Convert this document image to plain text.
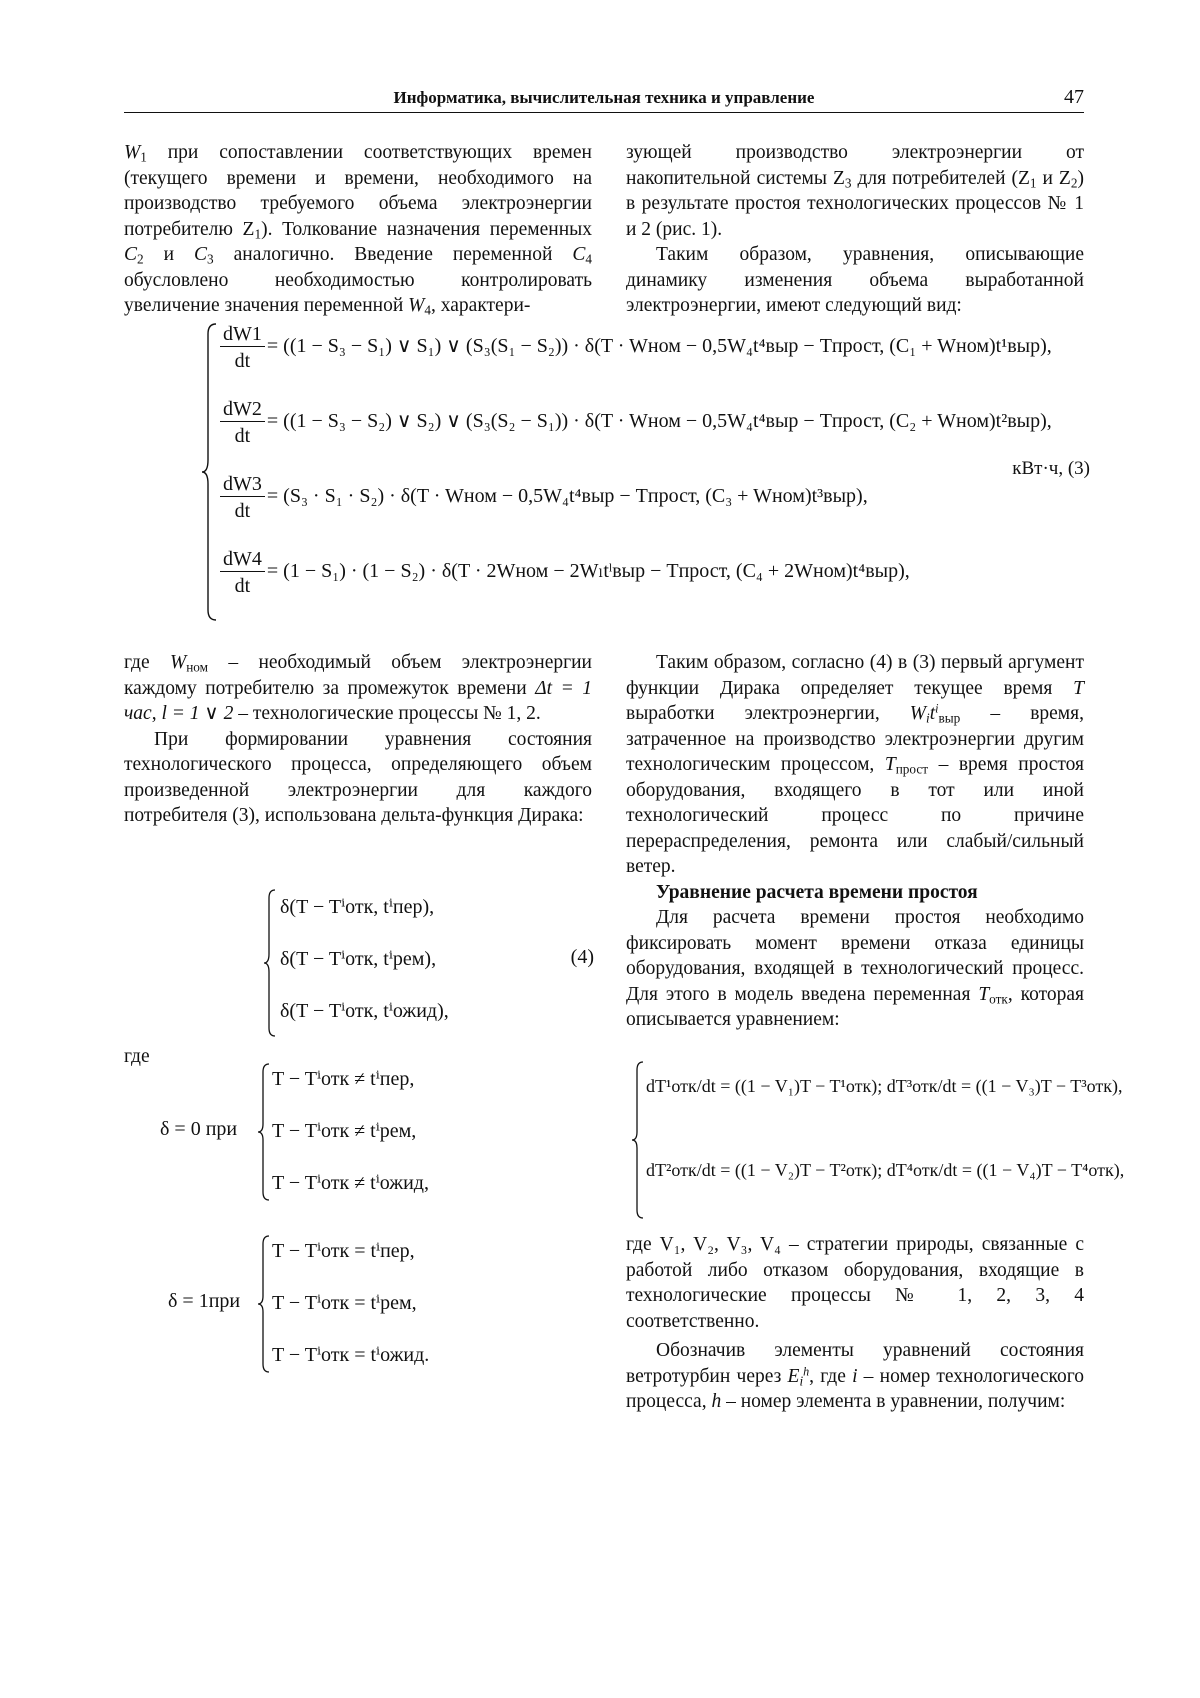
Информатика, вычислительная техника и управление	47

W1 при сопоставлении соответствующих времен (текущего времени и времени, необходимого на производство требуемого объема электроэнергии потребителю Z1). Толкование назначения переменных C2 и C3 аналогично. Введение переменной C4 обусловлено необходимостью контролировать увеличение значения переменной W4, характери-

зующей производство электроэнергии от накопительной системы Z3 для потребителей (Z1 и Z2) в результате простоя технологических процессов № 1 и 2 (рис. 1).

Таким образом, уравнения, описывающие динамику изменения объема выработанной электроэнергии, имеют следующий вид:

dW1
dt
= ((1 − S₃ − S₁) ∨ S₁) ∨ (S₃(S₁ − S₂)) · δ(T · Wном − 0,5W₄t⁴выр − Tпрост, (C₁ + Wном)t¹выр),
dW2
dt
= ((1 − S₃ − S₂) ∨ S₂) ∨ (S₃(S₂ − S₁)) · δ(T · Wном − 0,5W₄t⁴выр − Tпрост, (C₂ + Wном)t²выр),
dW3
dt
= (S₃ · S₁ · S₂) · δ(T · Wном − 0,5W₄t⁴выр − Tпрост, (C₃ + Wном)t³выр),
dW4
dt
= (1 − S₁) · (1 − S₂) · δ(T · 2Wном − 2Wₗtˡвыр − Tпрост, (C₄ + 2Wном)t⁴выр),
кВт·ч, (3)

где Wном – необходимый объем электроэнергии каждому потребителю за промежуток времени Δt = 1 час, l = 1 ∨ 2 – технологические процессы № 1, 2.

При формировании уравнения состояния технологического процесса, определяющего объем произведенной электроэнергии для каждого потребителя (3), использована дельта-функция Дирака:

δ(T − Tⁱотк, tⁱпер),
δ(T − Tⁱотк, tⁱрем),
δ(T − Tⁱотк, tⁱожид),
(4)
где
δ = 0 при
T − Tⁱотк ≠ tⁱпер,
T − Tⁱотк ≠ tⁱрем,
T − Tⁱотк ≠ tⁱожид,
δ = 1при
T − Tⁱотк = tⁱпер,
T − Tⁱотк = tⁱрем,
T − Tⁱотк = tⁱожид.

Таким образом, согласно (4) в (3) первый аргумент функции Дирака определяет текущее время T выработки электроэнергии, Witiвыр – время, затраченное на производство электроэнергии другим технологическим процессом, Tпрост – время простоя оборудования, входящего в тот или иной технологический процесс по причине перераспределения, ремонта или слабый/сильный ветер.

Уравнение расчета времени простоя

Для расчета времени простоя необходимо фиксировать момент времени отказа единицы оборудования, входящей в технологический процесс. Для этого в модель введена переменная Tотк, которая описывается уравнением:

dT¹отк/dt = ((1 − V₁)T − T¹отк); dT³отк/dt = ((1 − V₃)T − T³отк),
dT²отк/dt = ((1 − V₂)T − T²отк); dT⁴отк/dt = ((1 − V₄)T − T⁴отк),

где V₁, V₂, V₃, V₄ – стратегии природы, связанные с работой либо отказом оборудования, входящие в технологические процессы № 1, 2, 3, 4 соответственно.

Обозначив элементы уравнений состояния ветротурбин через Eih, где i – номер технологического процесса, h – номер элемента в уравнении, получим:
